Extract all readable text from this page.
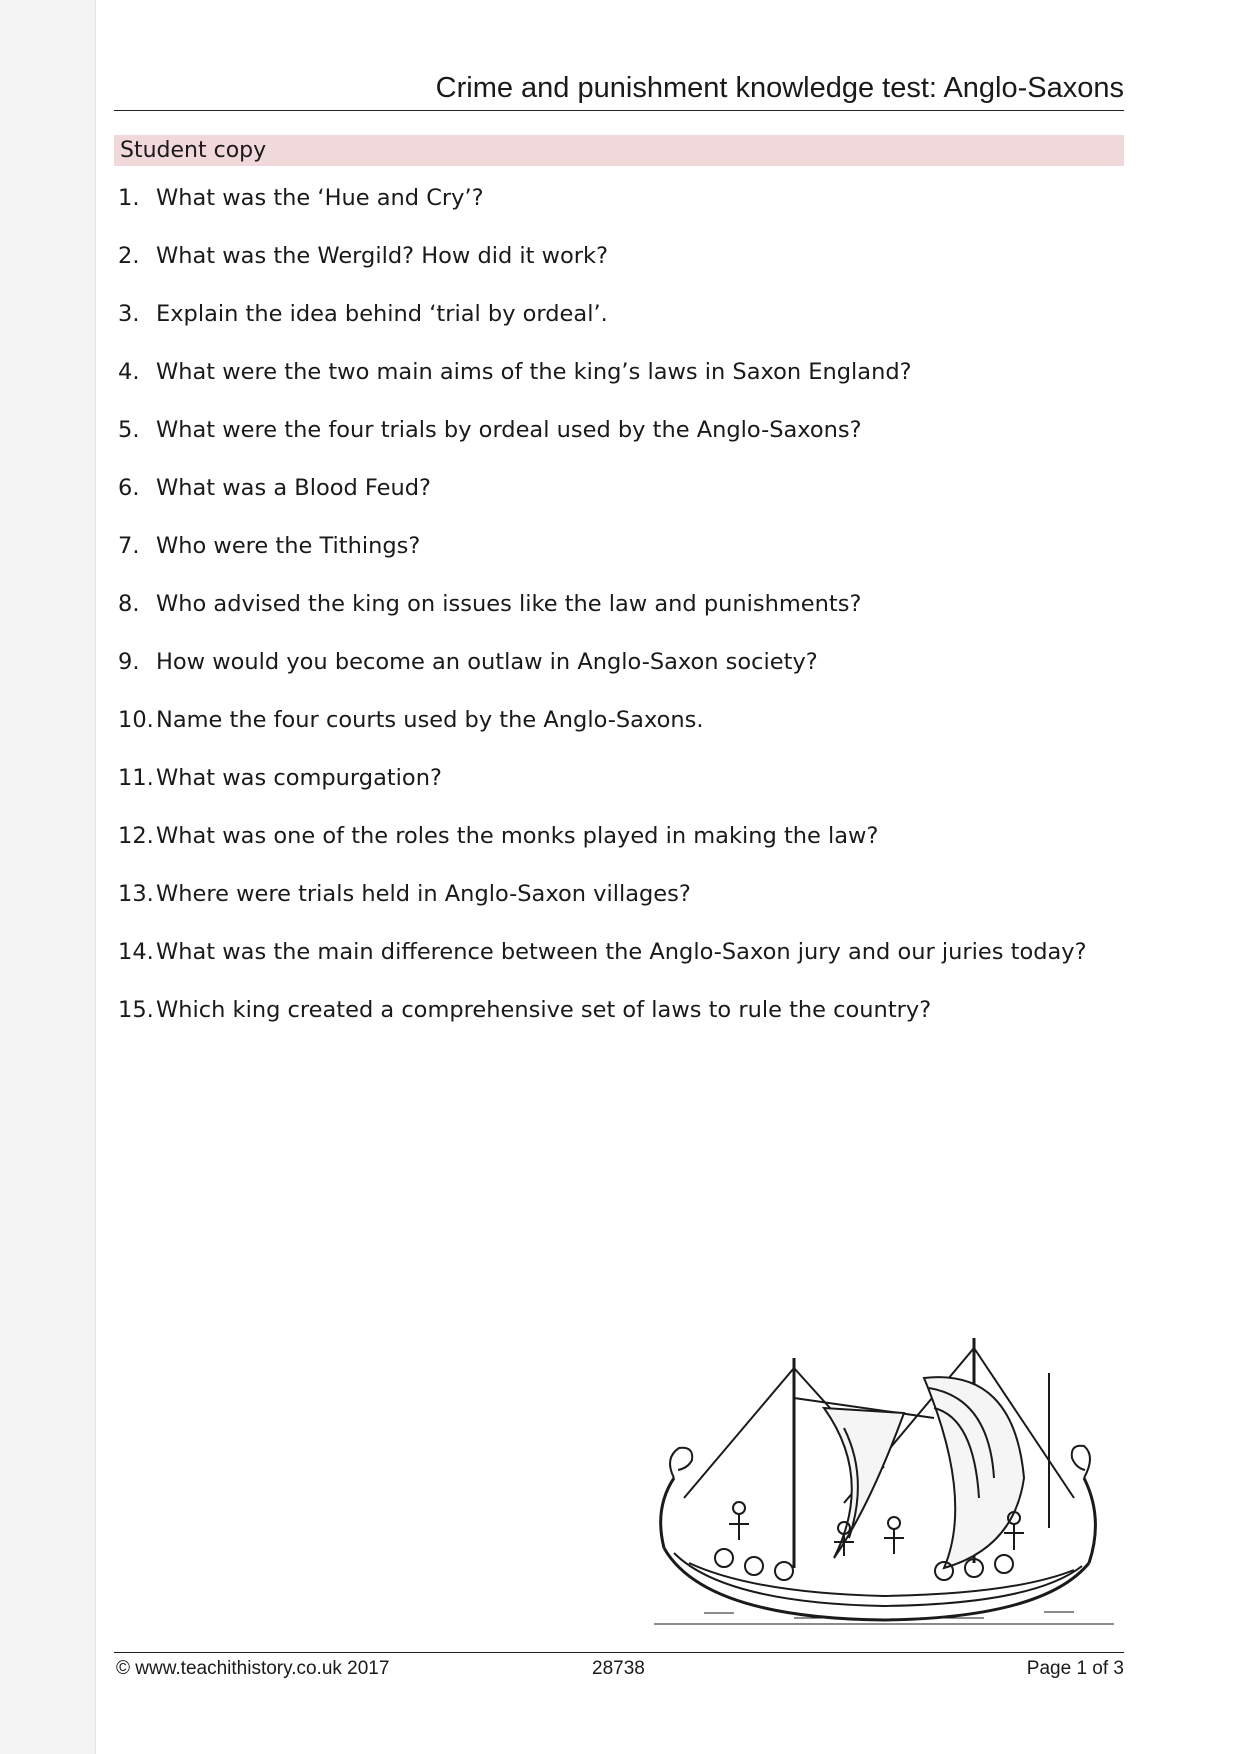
Crime and punishment knowledge test: Anglo-Saxons
Student copy
1. What was the ‘Hue and Cry’?
2. What was the Wergild? How did it work?
3. Explain the idea behind ‘trial by ordeal’.
4. What were the two main aims of the king’s laws in Saxon England?
5. What were the four trials by ordeal used by the Anglo-Saxons?
6. What was a Blood Feud?
7. Who were the Tithings?
8. Who advised the king on issues like the law and punishments?
9. How would you become an outlaw in Anglo-Saxon society?
10. Name the four courts used by the Anglo-Saxons.
11. What was compurgation?
12. What was one of the roles the monks played in making the law?
13. Where were trials held in Anglo-Saxon villages?
14. What was the main difference between the Anglo-Saxon jury and our juries today?
15. Which king created a comprehensive set of laws to rule the country?
© www.teachithistory.co.uk 2017	28738	Page 1 of 3
